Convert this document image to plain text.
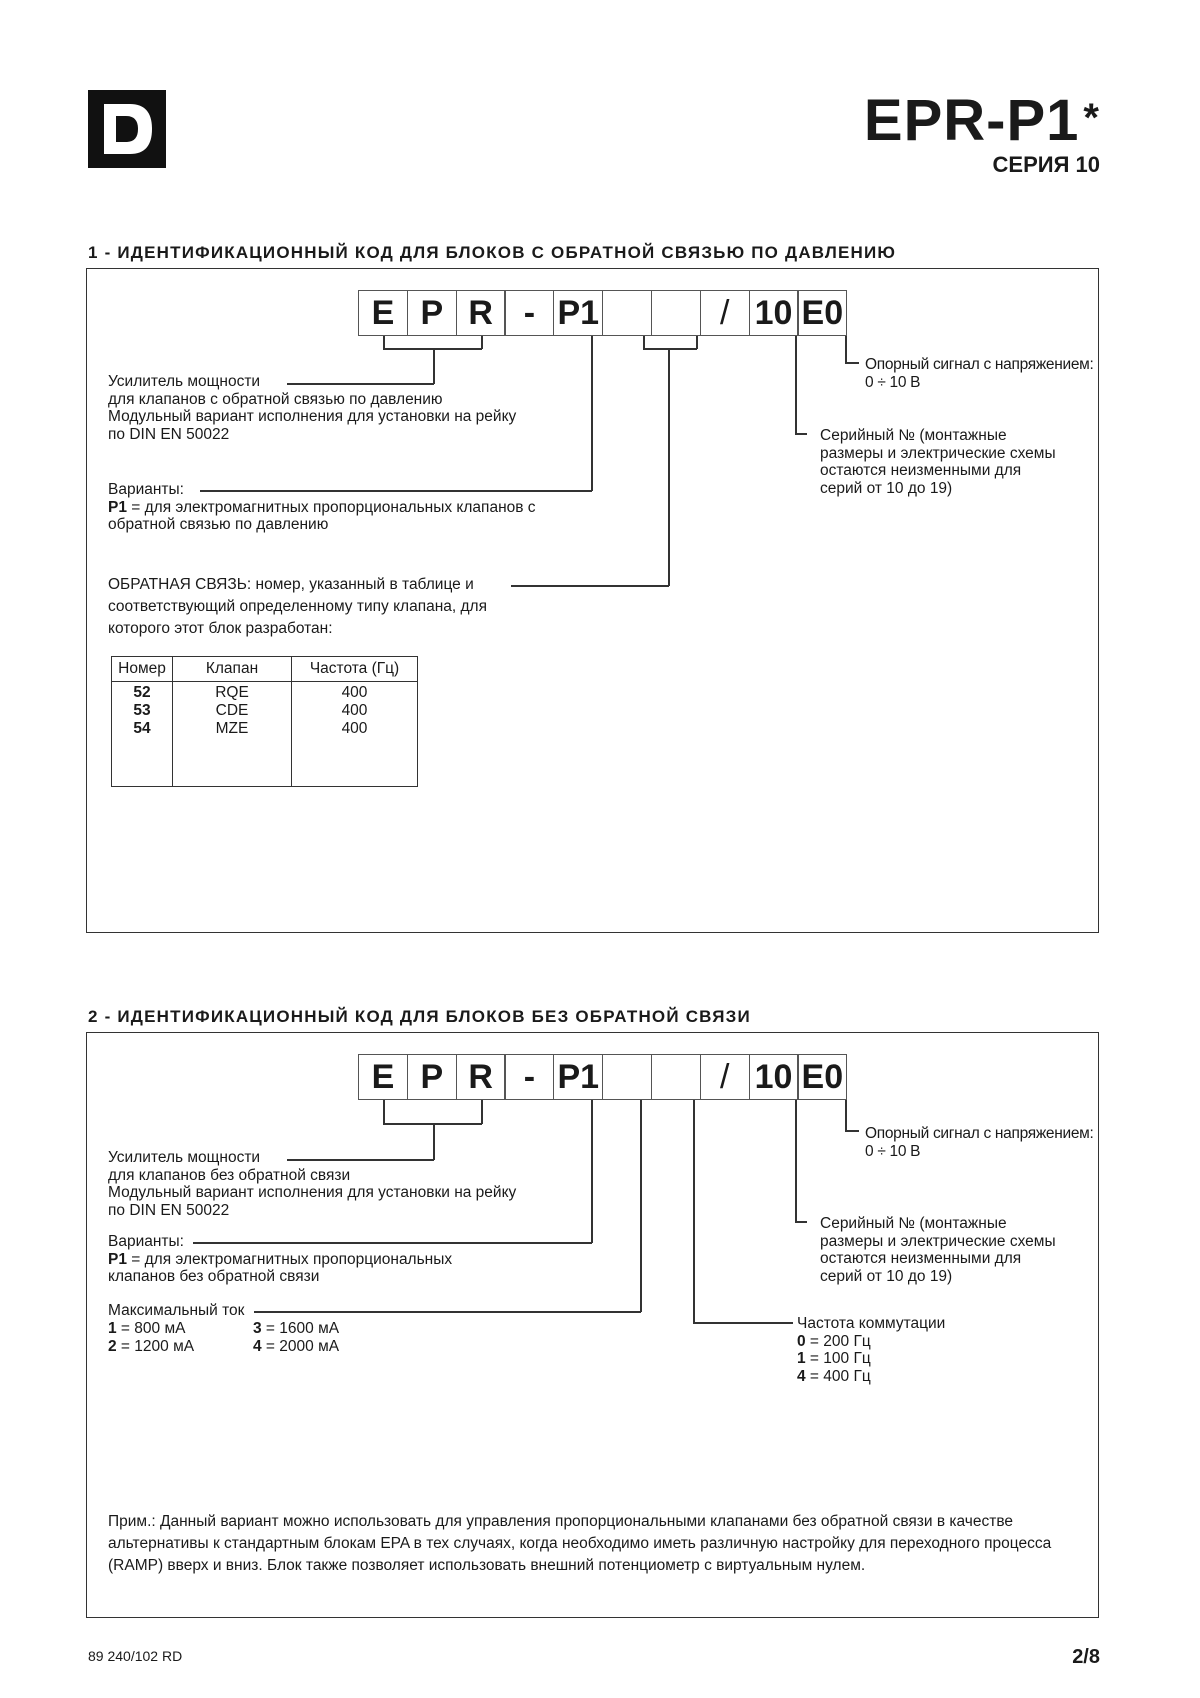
EPR-P1 *
СЕРИЯ 10
1 - ИДЕНТИФИКАЦИОННЫЙ КОД ДЛЯ БЛОКОВ С ОБРАТНОЙ СВЯЗЬЮ ПО ДАВЛЕНИЮ
E P R - P1	/ 10 E0
Усилитель мощности
для клапанов с обратной связью по давлению
Модульный вариант исполнения для установки на рейку
по DIN EN 50022
Варианты:
P1 = для электромагнитных пропорциональных клапанов с
обратной связью по давлению
ОБРАТНАЯ СВЯЗЬ: номер, указанный в таблице и
соответствующий определенному типу клапана, для
которого этот блок разработан:
Номер	Клапан	Частота (Гц)
52	RQE	400
53	CDE	400
54	MZE	400
Опорный сигнал с напряжением:
0 ÷ 10 В
Серийный № (монтажные
размеры и электрические схемы
остаются неизменными для
серий от 10 до 19)
2 - ИДЕНТИФИКАЦИОННЫЙ КОД ДЛЯ БЛОКОВ БЕЗ ОБРАТНОЙ СВЯЗИ
E P R - P1	/ 10 E0
Усилитель мощности
для клапанов без обратной связи
Модульный вариант исполнения для установки на рейку
по DIN EN 50022
Варианты:
P1 = для электромагнитных пропорциональных
клапанов без обратной связи
Максимальный ток
1 = 800 мА	3 = 1600 мА
2 = 1200 мА	4 = 2000 мА
Частота коммутации
0 = 200 Гц
1 = 100 Гц
4 = 400 Гц
Опорный сигнал с напряжением:
0 ÷ 10 В
Серийный № (монтажные
размеры и электрические схемы
остаются неизменными для
серий от 10 до 19)
Прим.: Данный вариант можно использовать для управления пропорциональными клапанами без обратной связи в качестве альтернативы к стандартным блокам EPA в тех случаях, когда необходимо иметь различную настройку для переходного процесса (RAMP) вверх и вниз. Блок также позволяет использовать внешний потенциометр с виртуальным нулем.
89 240/102 RD	2/8
